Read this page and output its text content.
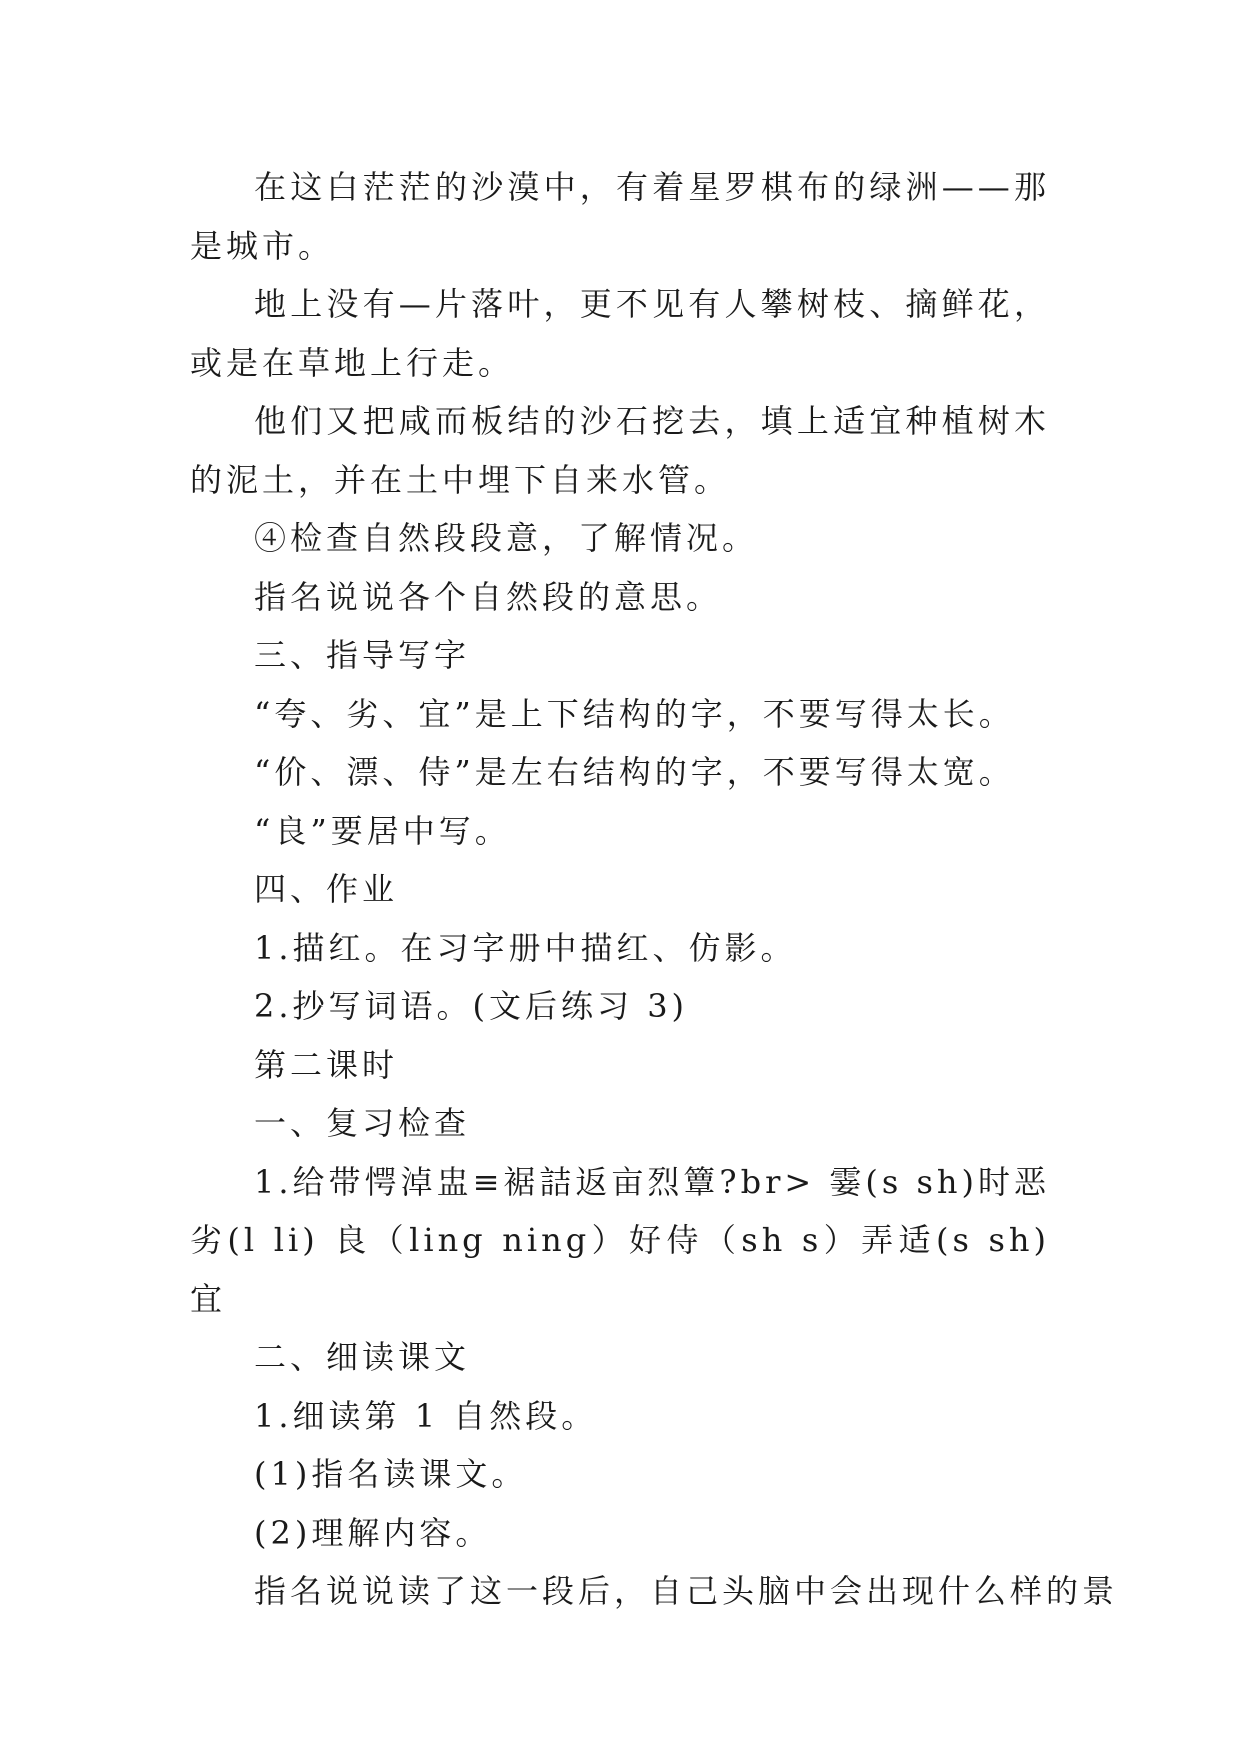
在这白茫茫的沙漠中，有着星罗棋布的绿洲——那是城市。

地上没有—片落叶，更不见有人攀树枝、摘鲜花，或是在草地上行走。

他们又把咸而板结的沙石挖去，填上适宜种植树木的泥土，并在土中埋下自来水管。

④检查自然段段意，了解情况。

指名说说各个自然段的意思。

三、指导写字

“夸、劣、宜”是上下结构的字，不要写得太长。

“价、漂、侍”是左右结构的字，不要写得太宽。

“良”要居中写。

四、作业

1.描红。在习字册中描红、仿影。

2.抄写词语。(文后练习 3)

第二课时

一、复习检查

1.给带愕淖盅≡裾詰返亩烈簟?br> 霎(s sh)时恶劣(l li) 良（ling ning）好侍（sh s）弄适(s sh)宜

二、细读课文

1.细读第 1 自然段。

(1)指名读课文。

(2)理解内容。

指名说说读了这一段后，自己头脑中会出现什么样的景
